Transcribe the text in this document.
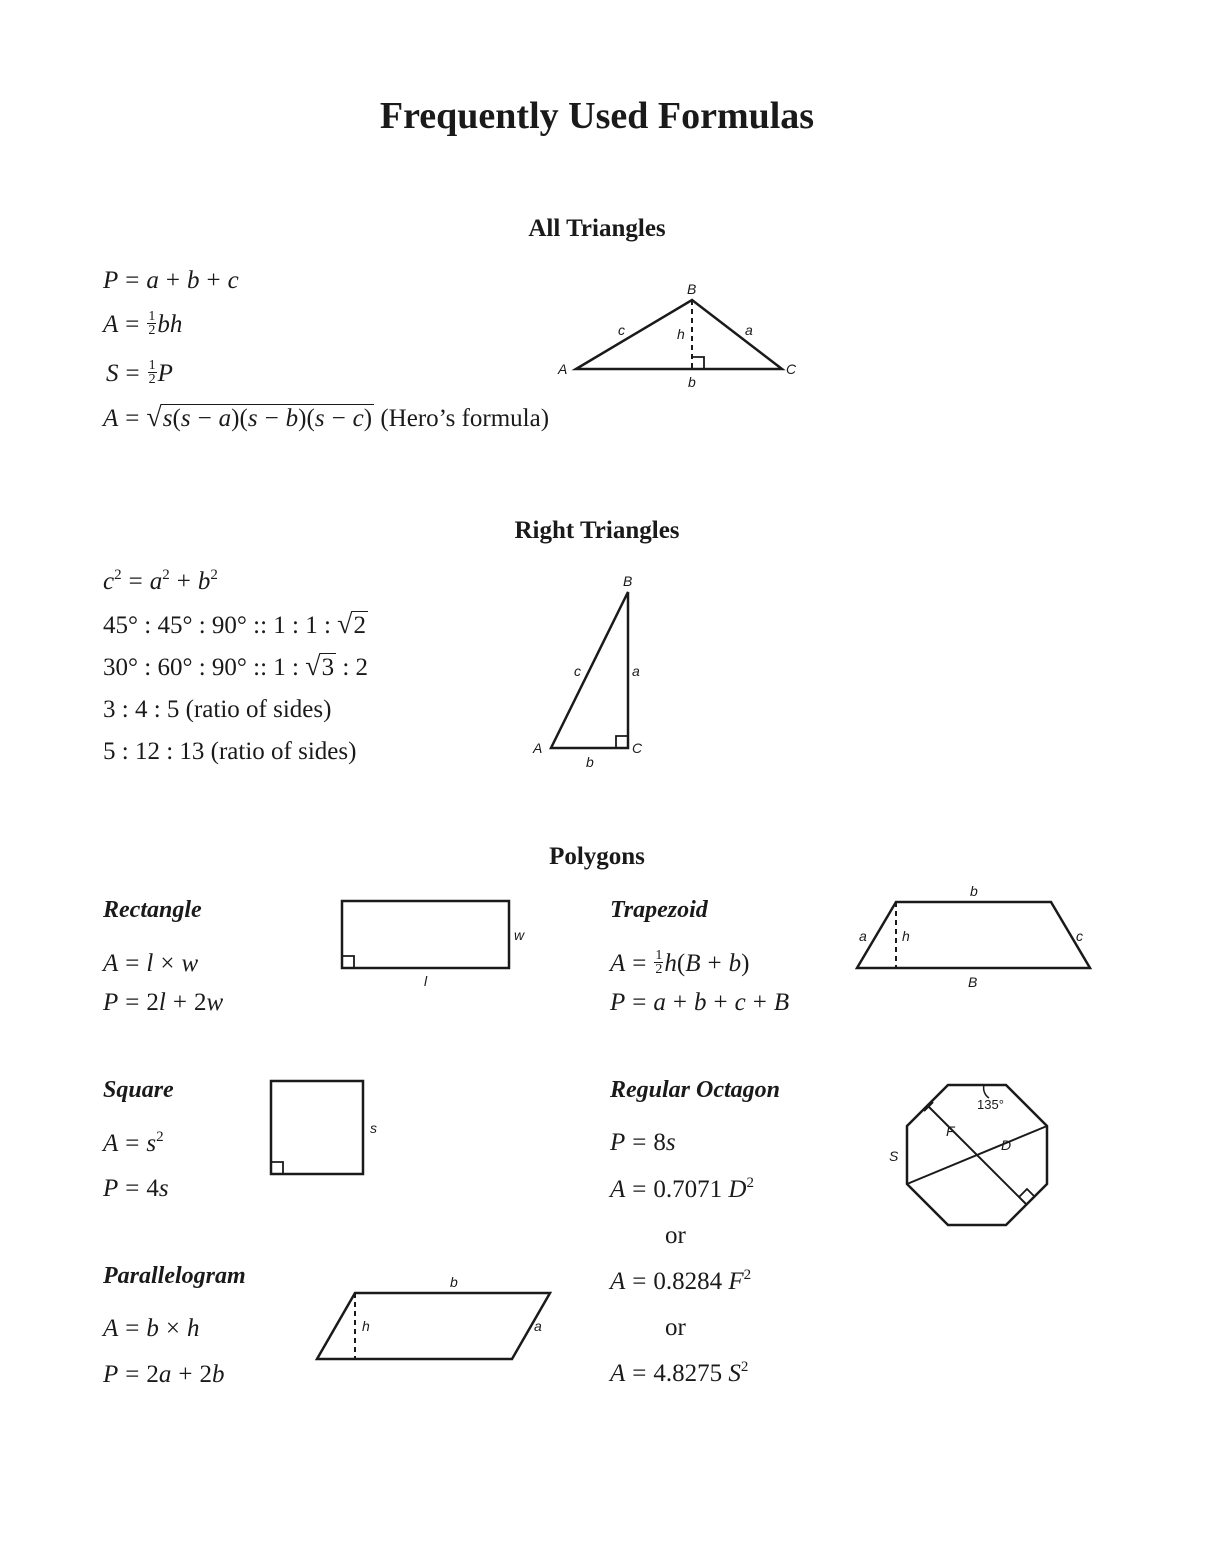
Frequently Used Formulas
All Triangles
P = a + b + c
$A = \frac{1}{2}$ bh
$S = \frac{1}{2}$ P
A = √s(s − a)(s − b)(s − c) (Hero’s formula)
B
A	C
c	a
h
b
B
A	C
c	a
b
w
l
b
a	h	c
B
s
135°
F
D
S
b
h	a
Right Triangles
$c^2 = a^2 + b^2$
45° : 45° : 90° :: 1 : 1 : √2
30° : 60° : 90° :: 1 : √3 : 2
3 : 4 : 5 (ratio of sides)
5 : 12 : 13 (ratio of sides)
Polygons
Rectangle
A = l × w
P = 2l + 2w
Trapezoid
$A = \frac{1}{2} h(B + b)$
P = a + b + c + B
Square
$A = s^2$
P = 4s
Regular Octagon
P = 8s
A = 0.7071 $D^2$
or
A = 0.8284 $F^2$
or
A = 4.8275 $S^2$
Parallelogram
A = b × h
P = 2a + 2b
